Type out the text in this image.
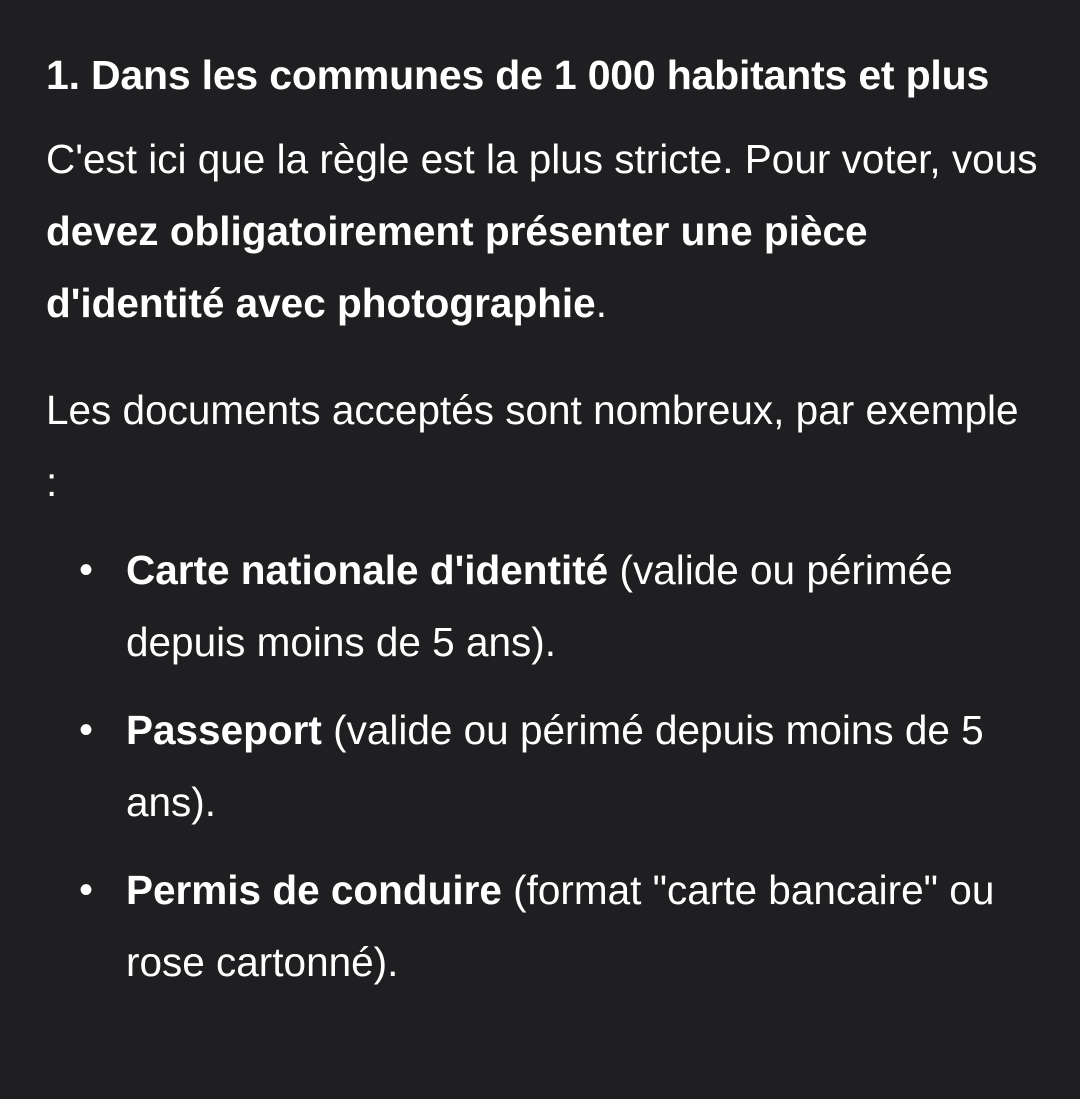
1. Dans les communes de 1 000 habitants et plus

C'est ici que la règle est la plus stricte. Pour voter, vous devez obligatoirement présenter une pièce d'identité avec photographie.

Les documents acceptés sont nombreux, par exemple :

• Carte nationale d'identité (valide ou périmée depuis moins de 5 ans).
• Passeport (valide ou périmé depuis moins de 5 ans).
• Permis de conduire (format "carte bancaire" ou rose cartonné).
